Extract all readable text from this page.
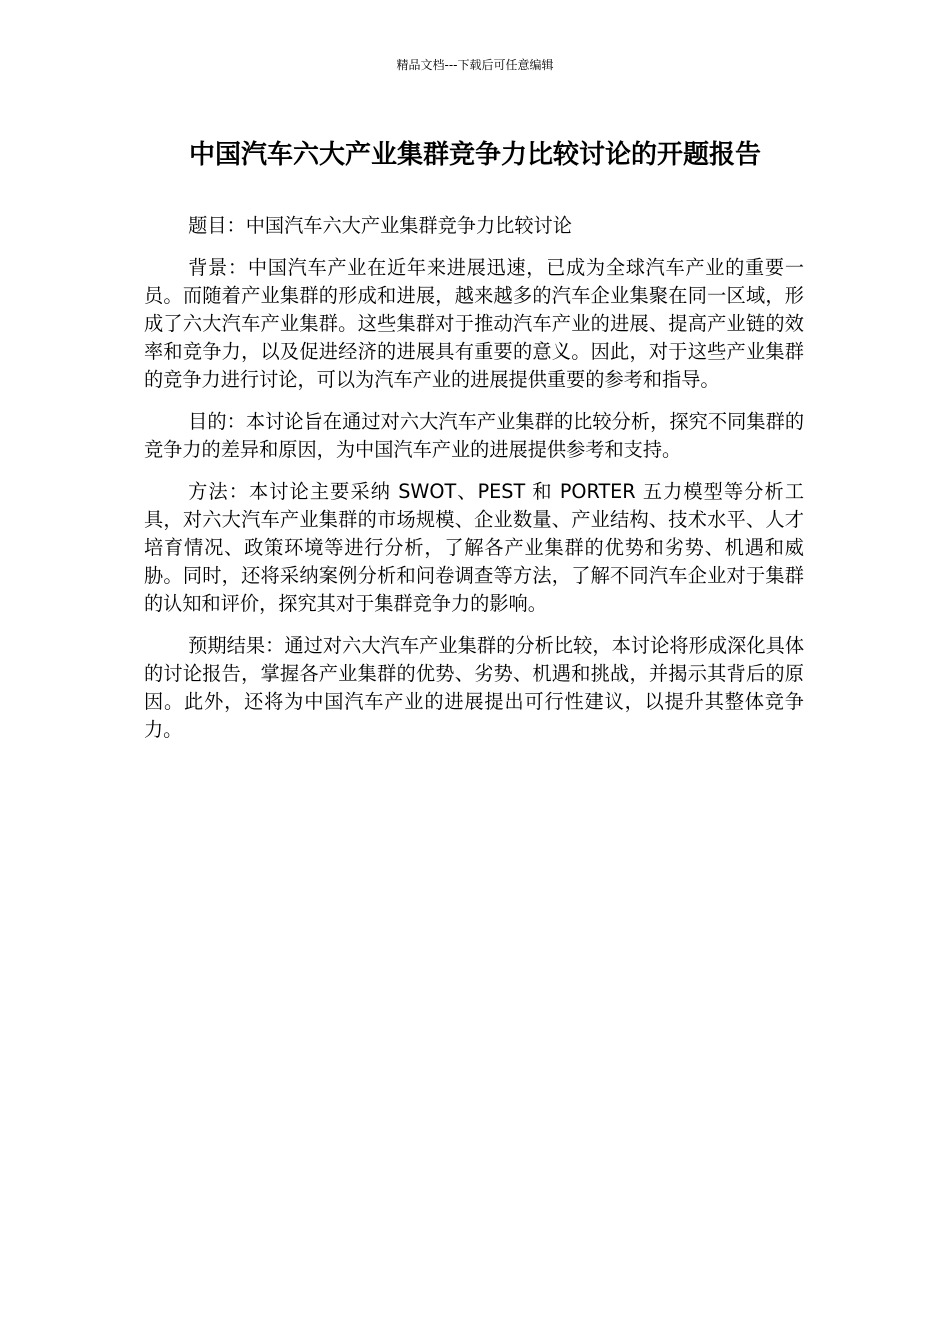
精品文档---下载后可任意编辑
中国汽车六大产业集群竞争力比较讨论的开题报告

题目：中国汽车六大产业集群竞争力比较讨论

背景：中国汽车产业在近年来进展迅速，已成为全球汽车产业的重要一员。而随着产业集群的形成和进展，越来越多的汽车企业集聚在同一区域，形成了六大汽车产业集群。这些集群对于推动汽车产业的进展、提高产业链的效率和竞争力，以及促进经济的进展具有重要的意义。因此，对于这些产业集群的竞争力进行讨论，可以为汽车产业的进展提供重要的参考和指导。

目的：本讨论旨在通过对六大汽车产业集群的比较分析，探究不同集群的竞争力的差异和原因，为中国汽车产业的进展提供参考和支持。

方法：本讨论主要采纳 SWOT、PEST 和 PORTER 五力模型等分析工具，对六大汽车产业集群的市场规模、企业数量、产业结构、技术水平、人才培育情况、政策环境等进行分析，了解各产业集群的优势和劣势、机遇和威胁。同时，还将采纳案例分析和问卷调查等方法，了解不同汽车企业对于集群的认知和评价，探究其对于集群竞争力的影响。

预期结果：通过对六大汽车产业集群的分析比较，本讨论将形成深化具体的讨论报告，掌握各产业集群的优势、劣势、机遇和挑战，并揭示其背后的原因。此外，还将为中国汽车产业的进展提出可行性建议，以提升其整体竞争力。
